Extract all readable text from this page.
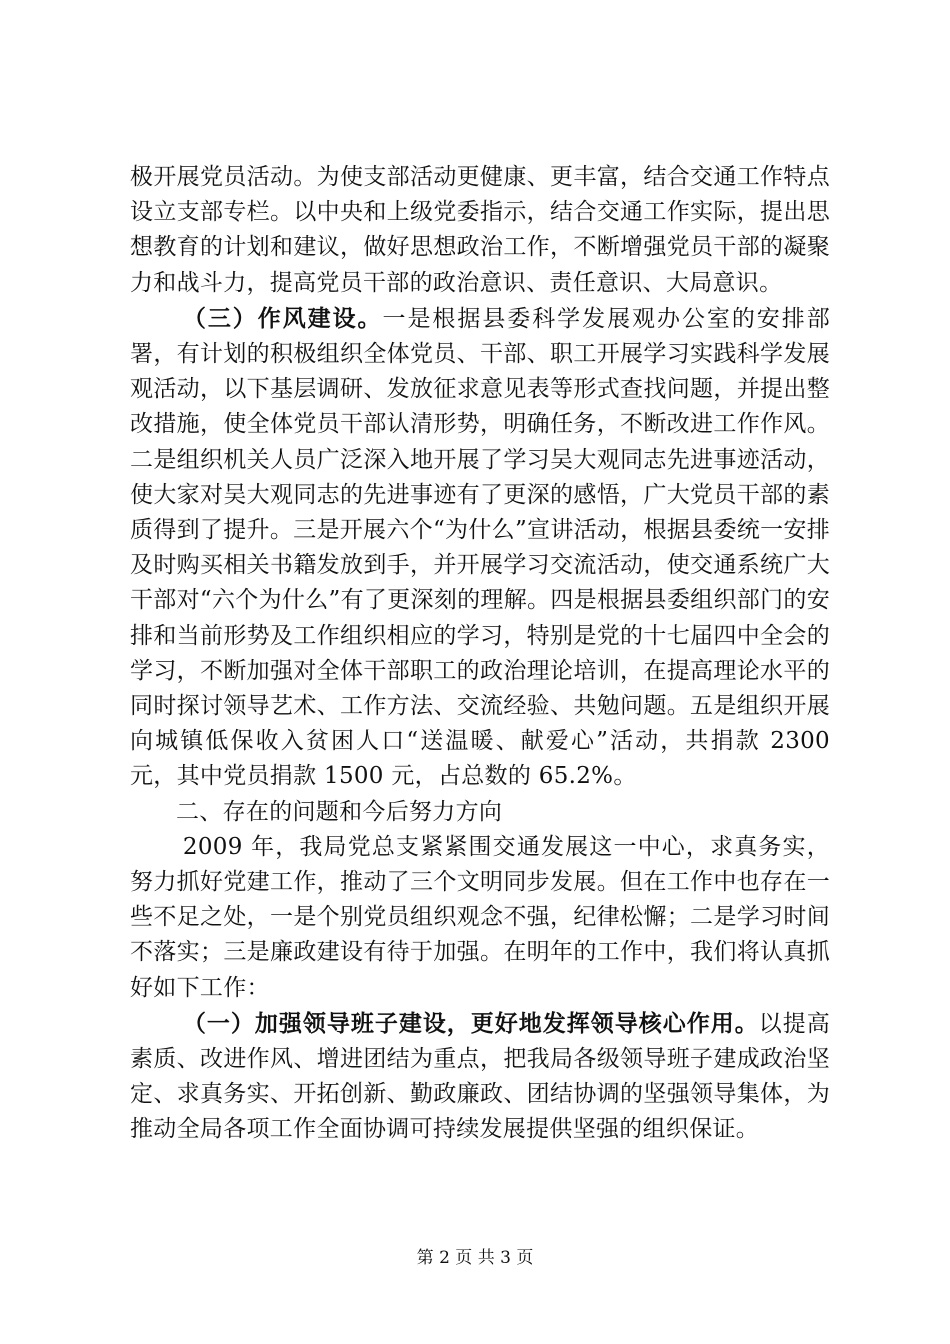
极开展党员活动。为使支部活动更健康、更丰富，结合交通工作特点设立支部专栏。以中央和上级党委指示，结合交通工作实际，提出思想教育的计划和建议，做好思想政治工作，不断增强党员干部的凝聚力和战斗力，提高党员干部的政治意识、责任意识、大局意识。

（三）作风建设。一是根据县委科学发展观办公室的安排部署，有计划的积极组织全体党员、干部、职工开展学习实践科学发展观活动，以下基层调研、发放征求意见表等形式查找问题，并提出整改措施，使全体党员干部认清形势，明确任务，不断改进工作作风。二是组织机关人员广泛深入地开展了学习吴大观同志先进事迹活动，使大家对吴大观同志的先进事迹有了更深的感悟，广大党员干部的素质得到了提升。三是开展六个“为什么”宣讲活动，根据县委统一安排及时购买相关书籍发放到手，并开展学习交流活动，使交通系统广大干部对“六个为什么”有了更深刻的理解。四是根据县委组织部门的安排和当前形势及工作组织相应的学习，特别是党的十七届四中全会的学习，不断加强对全体干部职工的政治理论培训，在提高理论水平的同时探讨领导艺术、工作方法、交流经验、共勉问题。五是组织开展向城镇低保收入贫困人口“送温暖、献爱心”活动，共捐款 2300 元，其中党员捐款 1500 元，占总数的 65.2%。

二、存在的问题和今后努力方向

2009 年，我局党总支紧紧围交通发展这一中心，求真务实，努力抓好党建工作，推动了三个文明同步发展。但在工作中也存在一些不足之处，一是个别党员组织观念不强，纪律松懈；二是学习时间不落实；三是廉政建设有待于加强。在明年的工作中，我们将认真抓好如下工作：

（一）加强领导班子建设，更好地发挥领导核心作用。以提高素质、改进作风、增进团结为重点，把我局各级领导班子建成政治坚定、求真务实、开拓创新、勤政廉政、团结协调的坚强领导集体，为推动全局各项工作全面协调可持续发展提供坚强的组织保证。

第 2 页 共 3 页
